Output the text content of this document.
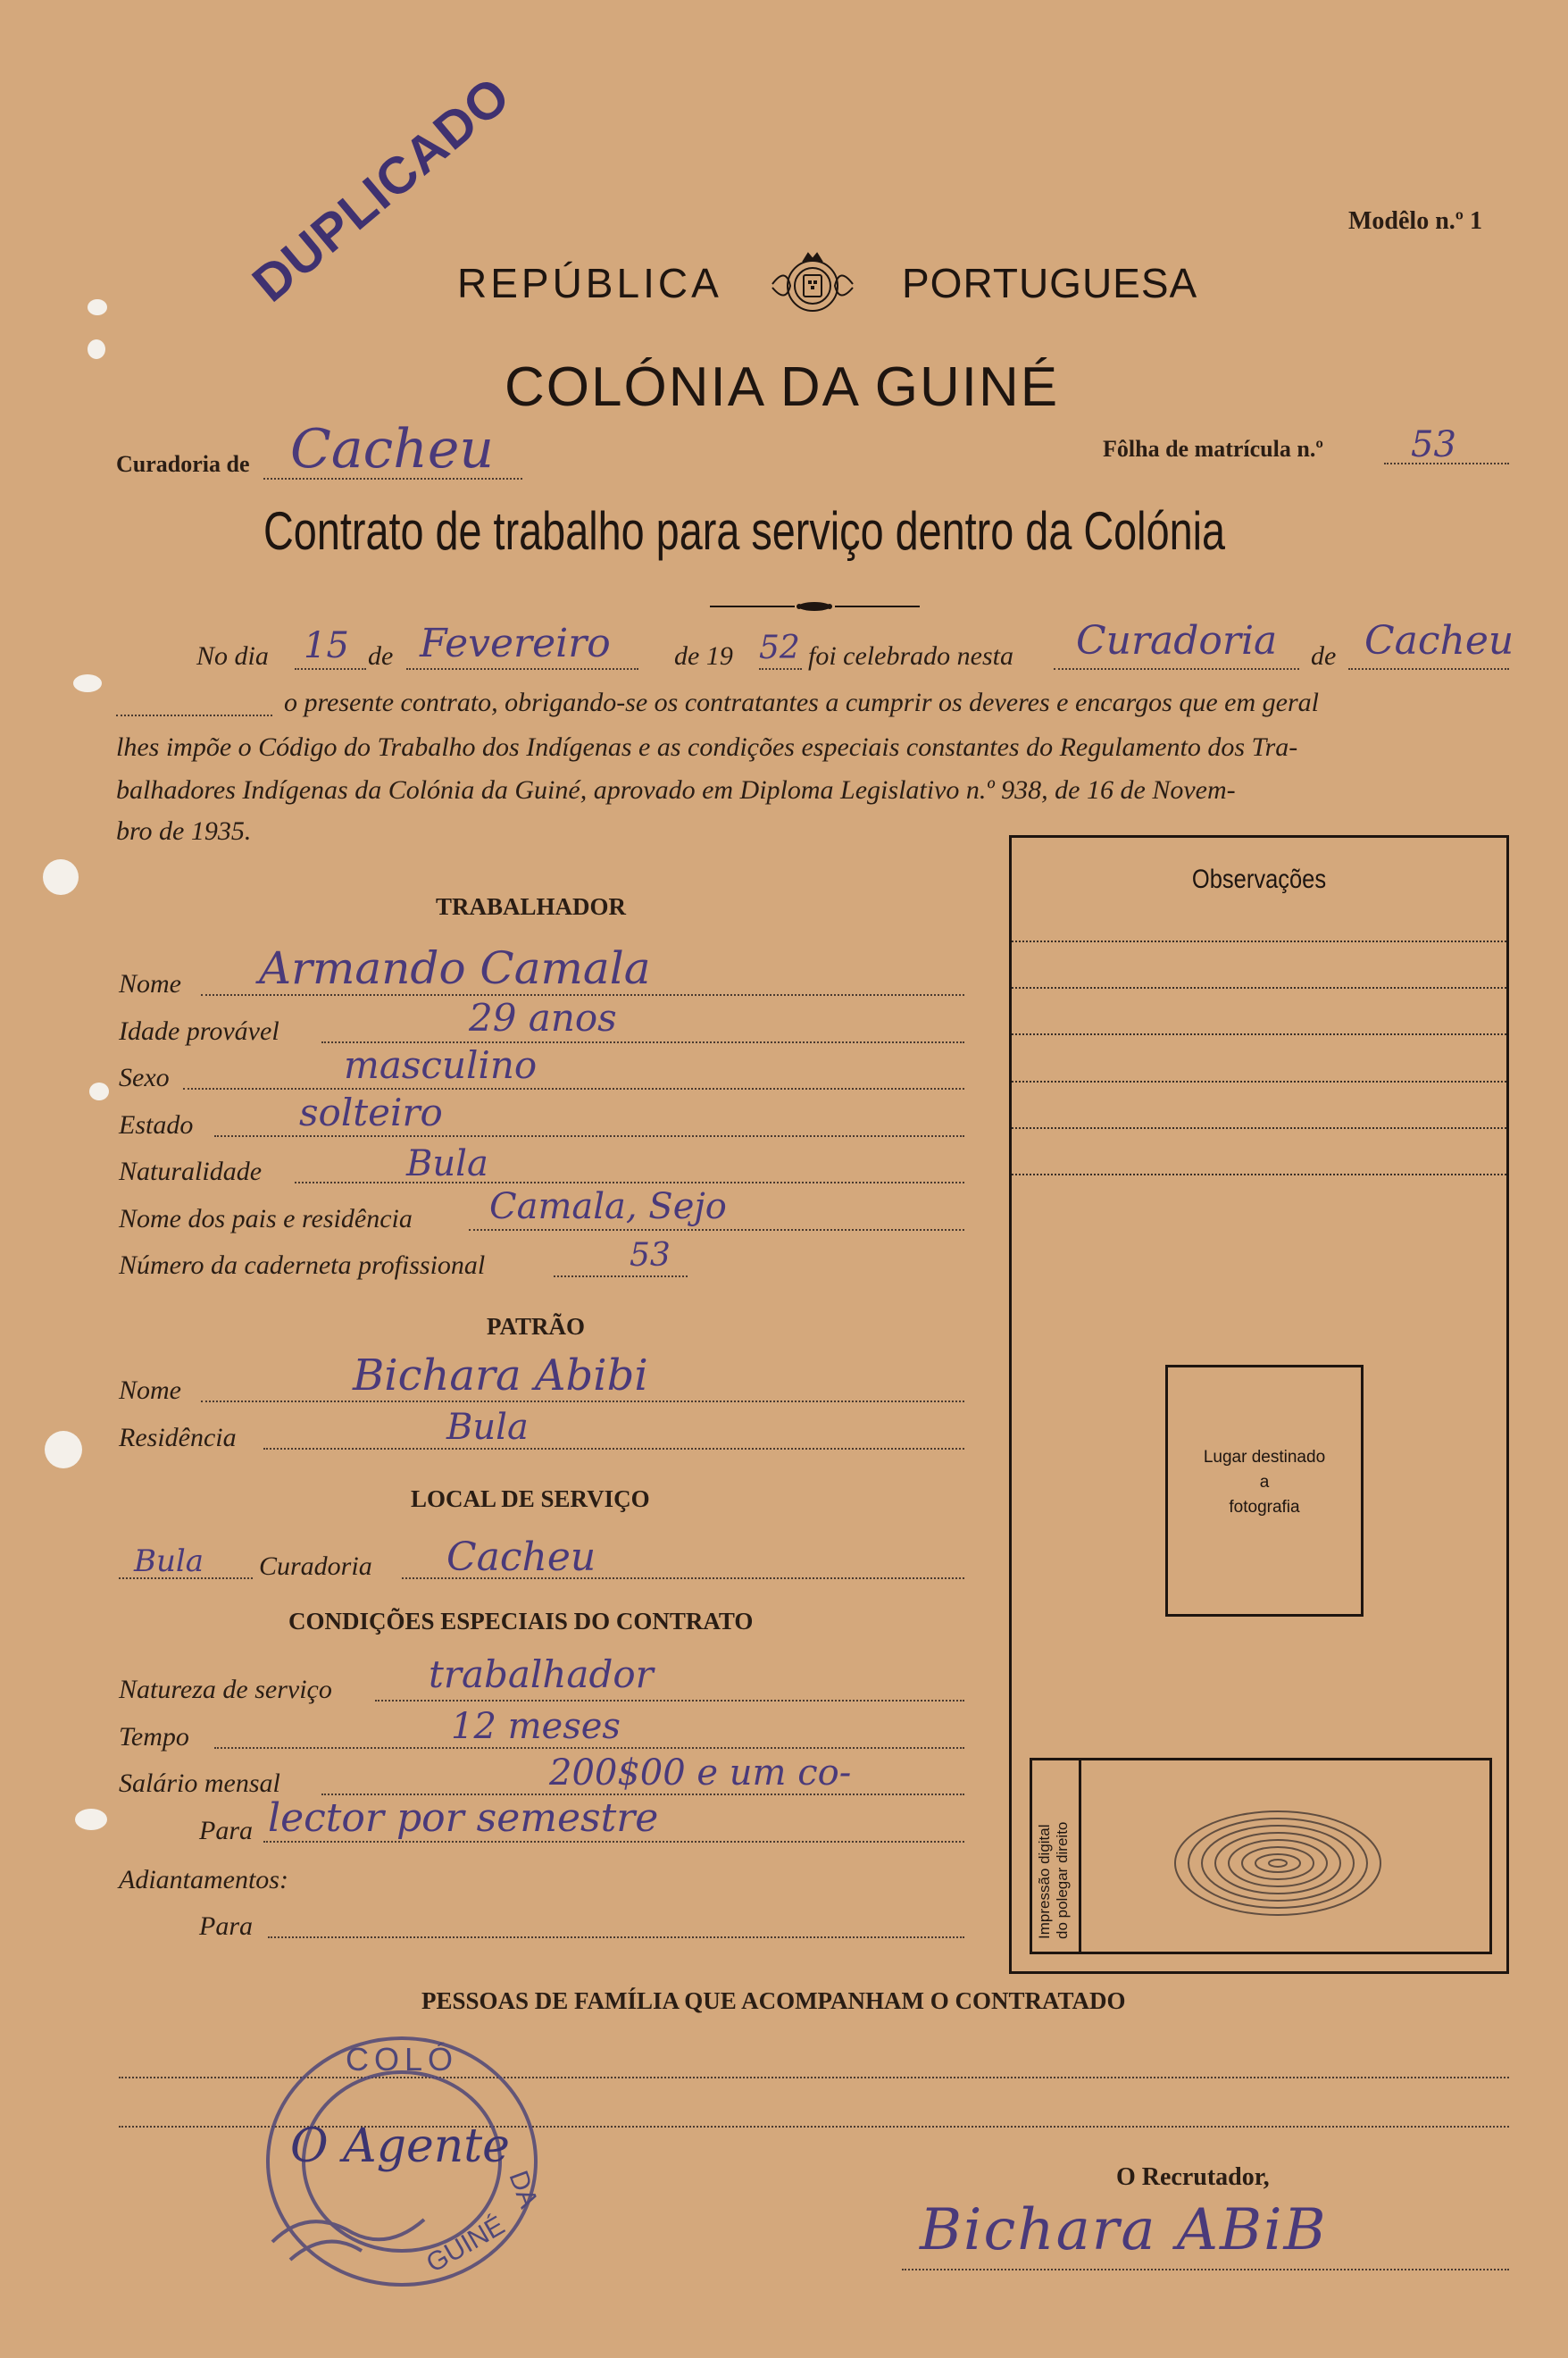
Modêlo n.º 1
DUPLICADO
REPÚBLICA	PORTUGUESA
COLÓNIA DA GUINÉ
Curadoria de Cacheu	Fôlha de matrícula n.º 53
Contrato de trabalho para serviço dentro da Colónia
No dia 15 de Fevereiro de 19 52 foi celebrado nesta Curadoria de Cacheu
o presente contrato, obrigando-se os contratantes a cumprir os deveres e encargos que em geral
lhes impõe o Código do Trabalho dos Indígenas e as condições especiais constantes do Regulamento dos Tra-
balhadores Indígenas da Colónia da Guiné, aprovado em Diploma Legislativo n.º 938, de 16 de Novem-
bro de 1935.
TRABALHADOR
Nome Armando Camala
Idade provável	29 anos
Sexo	masculino
Estado	solteiro
Naturalidade	Bula
Nome dos pais e residência Camala, Sejo
Número da caderneta profissional	53
PATRÃO
Nome	Bichara Abibi
Residência	Bula
LOCAL DE SERVIÇO
Bula Curadoria Cacheu
CONDIÇÕES ESPECIAIS DO CONTRATO
Natureza de serviço	trabalhador
Tempo	12 meses
Salário mensal	200$00 e um co-
Para lector por semestre
Adiantamentos:
Para
Observações
Lugar destinado
a
fotografia
Impressão digital do polegar direito
PESSOAS DE FAMÍLIA QUE ACOMPANHAM O CONTRATADO
O Recrutador,
Bichara ABiB
COLÓ
DA
GUINÉ
O Agente
